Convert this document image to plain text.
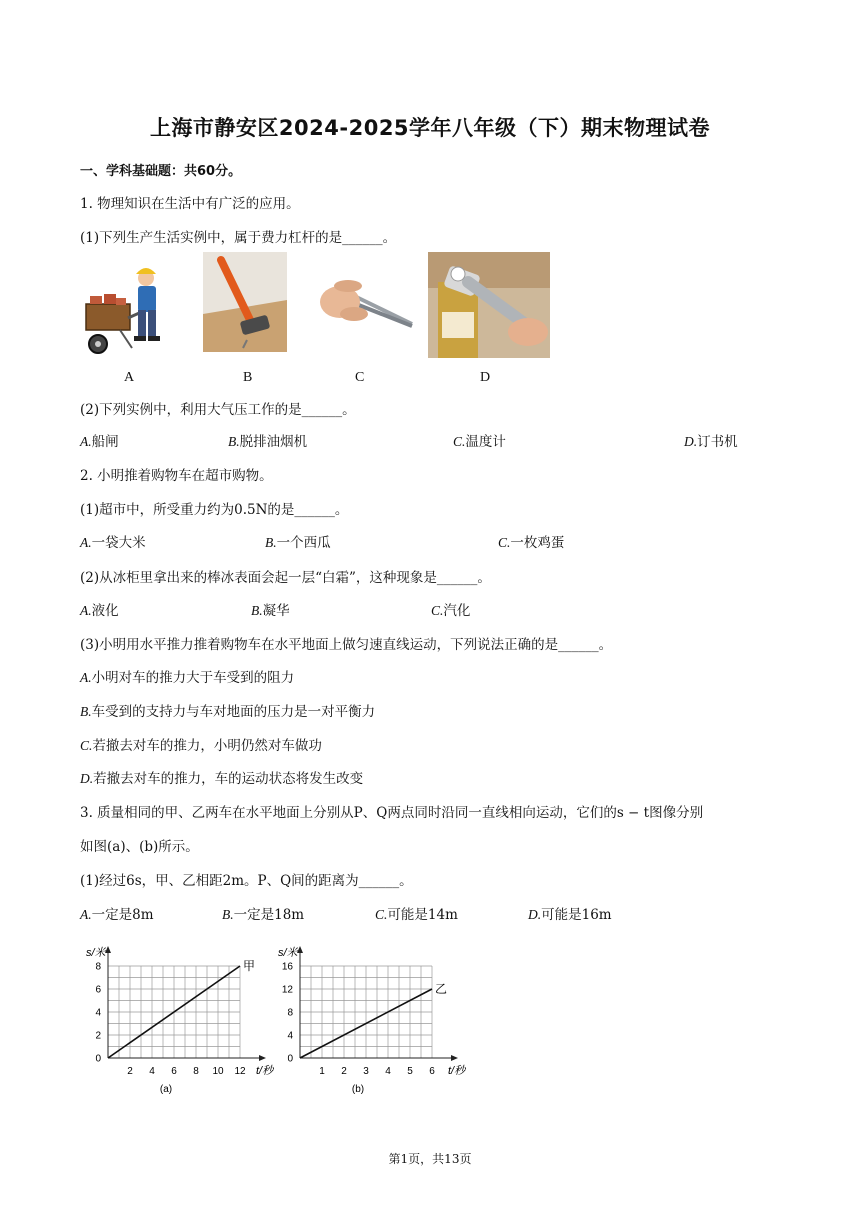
上海市静安区2024-2025学年八年级（下）期末物理试卷
一、学科基础题：共60分。
1. 物理知识在生活中有广泛的应用。
(1)下列生产生活实例中，属于费力杠杆的是______。
A	B	C	D
(2)下列实例中，利用大气压工作的是______。
A.船闸	B.脱排油烟机	C.温度计	D.订书机
2. 小明推着购物车在超市购物。
(1)超市中，所受重力约为0.5N的是______。
A.一袋大米	B.一个西瓜	C.一枚鸡蛋
(2)从冰柜里拿出来的棒冰表面会起一层“白霜”，这种现象是______。
A.液化	B.凝华	C.汽化
(3)小明用水平推力推着购物车在水平地面上做匀速直线运动，下列说法正确的是______。
A.小明对车的推力大于车受到的阻力
B.车受到的支持力与车对地面的压力是一对平衡力
C.若撤去对车的推力，小明仍然对车做功
D.若撤去对车的推力，车的运动状态将发生改变
3. 质量相同的甲、乙两车在水平地面上分别从P、Q两点同时沿同一直线相向运动，它们的s − t图像分别
如图(a)、(b)所示。
(1)经过6s，甲、乙相距2m。P、Q间的距离为______。
A.一定是8m	B.一定是18m	C.可能是14m	D.可能是16m
2 4 6 8 10 12
0
2
4
6
8
t/秒
s/米
甲
(a)
1 2 3 4 5 6
0
4
8
12
16
t/秒
s/米
乙
(b)
第1页，共13页
